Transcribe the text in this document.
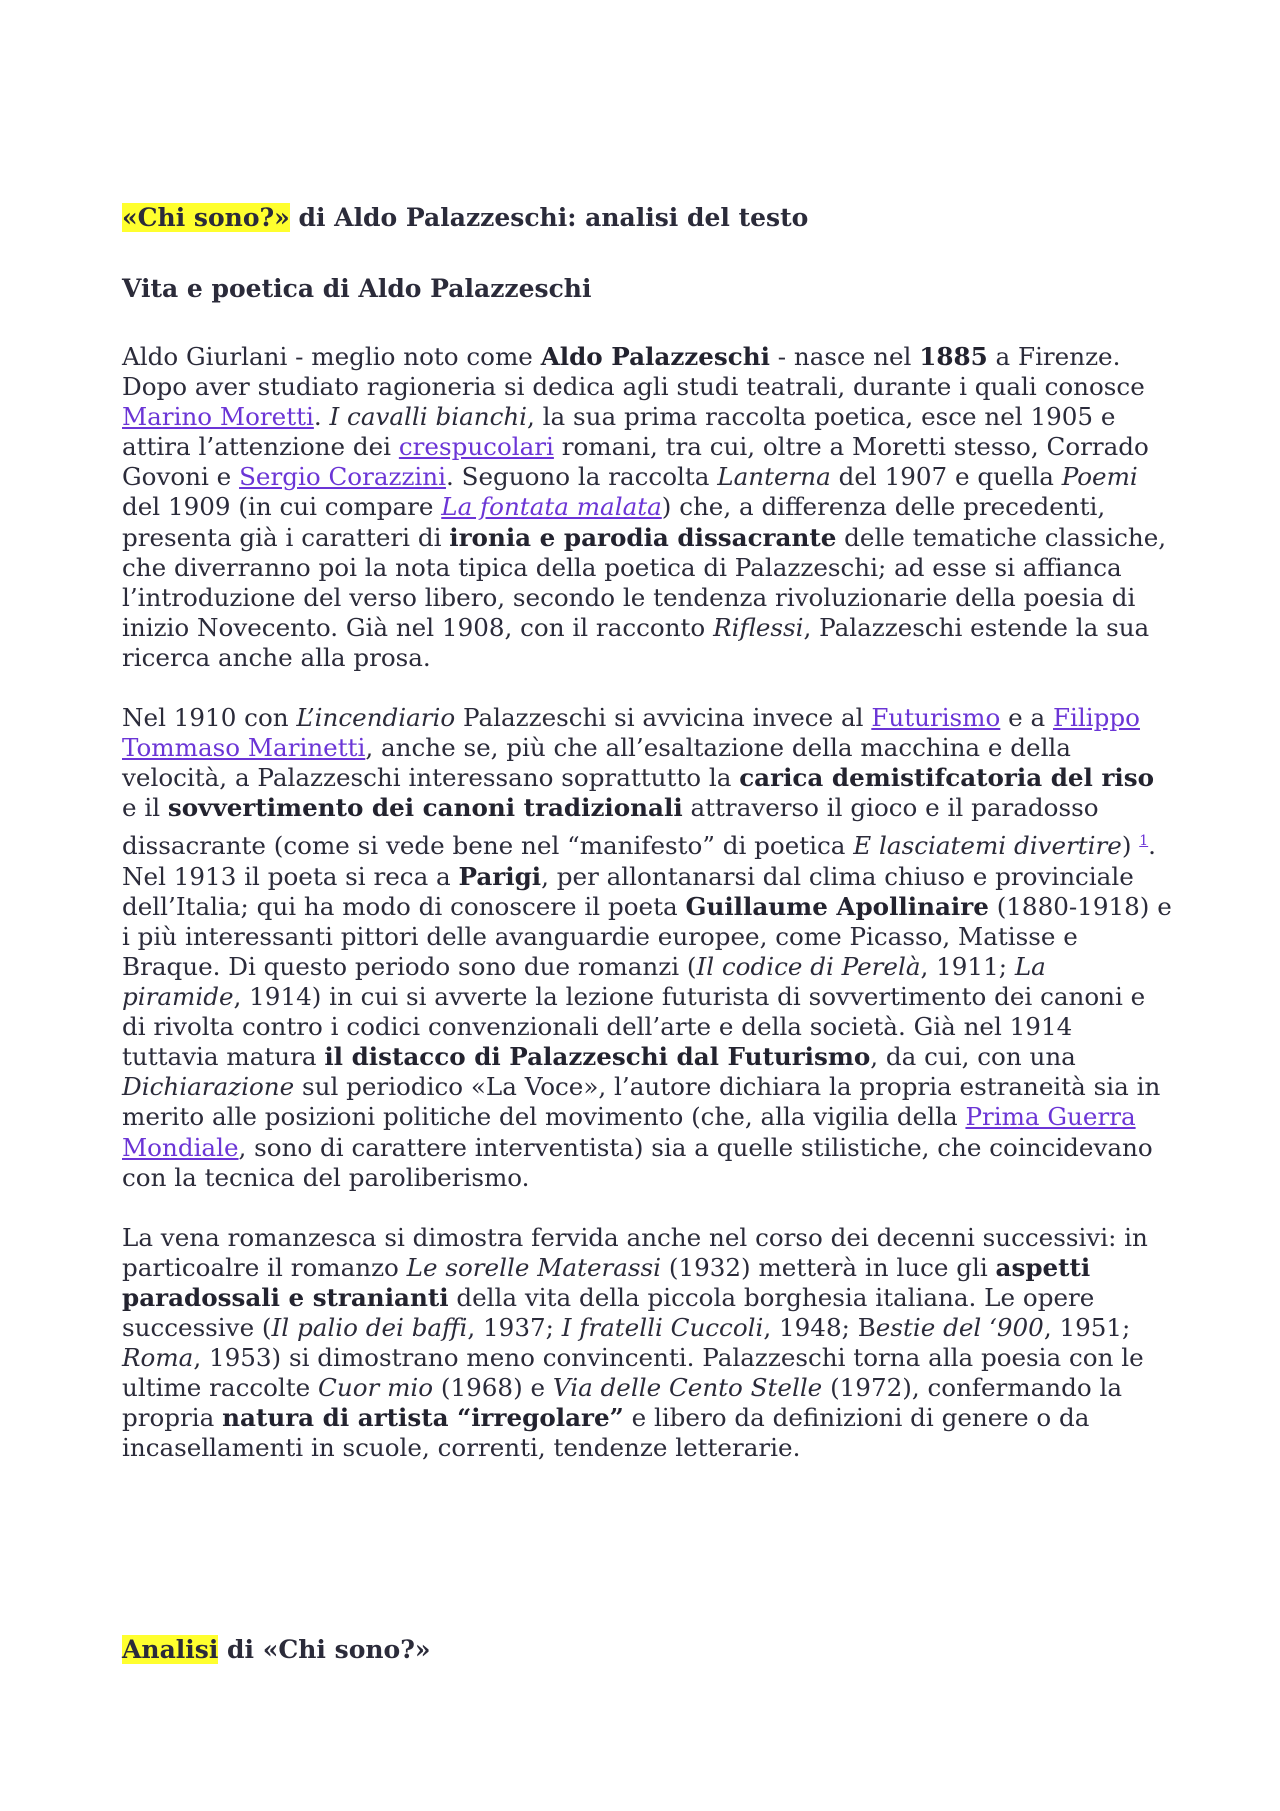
«Chi sono?» di Aldo Palazzeschi: analisi del testo
Vita e poetica di Aldo Palazzeschi
Aldo Giurlani - meglio noto come Aldo Palazzeschi - nasce nel 1885 a Firenze. Dopo aver studiato ragioneria si dedica agli studi teatrali, durante i quali conosce Marino Moretti. I cavalli bianchi, la sua prima raccolta poetica, esce nel 1905 e attira l’attenzione dei crespucolari romani, tra cui, oltre a Moretti stesso, Corrado Govoni e Sergio Corazzini. Seguono la raccolta Lanterna del 1907 e quella Poemi del 1909 (in cui compare La fontata malata) che, a differenza delle precedenti, presenta già i caratteri di ironia e parodia dissacrante delle tematiche classiche, che diverranno poi la nota tipica della poetica di Palazzeschi; ad esse si affianca l’introduzione del verso libero, secondo le tendenza rivoluzionarie della poesia di inizio Novecento. Già nel 1908, con il racconto Riflessi, Palazzeschi estende la sua ricerca anche alla prosa.
Nel 1910 con L’incendiario Palazzeschi si avvicina invece al Futurismo e a Filippo Tommaso Marinetti, anche se, più che all’esaltazione della macchina e della velocità, a Palazzeschi interessano soprattutto la carica demistifcatoria del riso e il sovvertimento dei canoni tradizionali attraverso il gioco e il paradosso dissacrante (come si vede bene nel “manifesto” di poetica E lasciatemi divertire) $^1$. Nel 1913 il poeta si reca a Parigi, per allontanarsi dal clima chiuso e provinciale dell’Italia; qui ha modo di conoscere il poeta Guillaume Apollinaire (1880-1918) e i più interessanti pittori delle avanguardie europee, come Picasso, Matisse e Braque. Di questo periodo sono due romanzi (Il codice di Perelà, 1911; La piramide, 1914) in cui si avverte la lezione futurista di sovvertimento dei canoni e di rivolta contro i codici convenzionali dell’arte e della società. Già nel 1914 tuttavia matura il distacco di Palazzeschi dal Futurismo, da cui, con una Dichiarazione sul periodico «La Voce», l’autore dichiara la propria estraneità sia in merito alle posizioni politiche del movimento (che, alla vigilia della Prima Guerra Mondiale, sono di carattere interventista) sia a quelle stilistiche, che coincidevano con la tecnica del paroliberismo.
La vena romanzesca si dimostra fervida anche nel corso dei decenni successivi: in particoalre il romanzo Le sorelle Materassi (1932) metterà in luce gli aspetti paradossali e stranianti della vita della piccola borghesia italiana. Le opere successive (Il palio dei baffi, 1937; I fratelli Cuccoli, 1948; Bestie del ‘900, 1951; Roma, 1953) si dimostrano meno convincenti. Palazzeschi torna alla poesia con le ultime raccolte Cuor mio (1968) e Via delle Cento Stelle (1972), confermando la propria natura di artista “irregolare” e libero da definizioni di genere o da incasellamenti in scuole, correnti, tendenze letterarie.
Analisi di «Chi sono?»
